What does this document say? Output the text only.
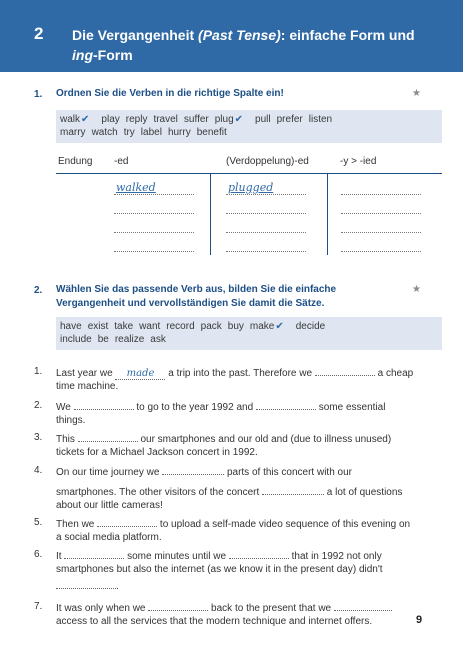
2 Die Vergangenheit (Past Tense): einfache Form und
ing-Form
1. Ordnen Sie die Verben in die richtige Spalte ein!	★
walk✔ play reply travel suffer plug✔ pull prefer listen
marry watch try label hurry benefit
Endung -ed	(Verdoppelung)-ed	-y > -ied
walked	plugged
2. Wählen Sie das passende Verb aus, bilden Sie die einfache
Vergangenheit und vervollständigen Sie damit die Sätze.
★
have exist take want record pack buy make✔ decide
include be realize ask
1. Last year we made a trip into the past. Therefore we	a cheap
time machine.
2. We	to go to the year 1992 and	some essential
things.
3. This	our smartphones and our old and (due to illness unused)
tickets for a Michael Jackson concert in 1992.
4. On our time journey we	parts of this concert with our
smartphones. The other visitors of the concert	a lot of questions
about our little cameras!
5. Then we	to upload a self-made video sequence of this evening on
a social media platform.
6. It	some minutes until we	that in 1992 not only
smartphones but also the internet (as we know it in the present day) didn't
.
7. It was only when we	back to the present that we
access to all the services that the modern technique and internet offers.	9
